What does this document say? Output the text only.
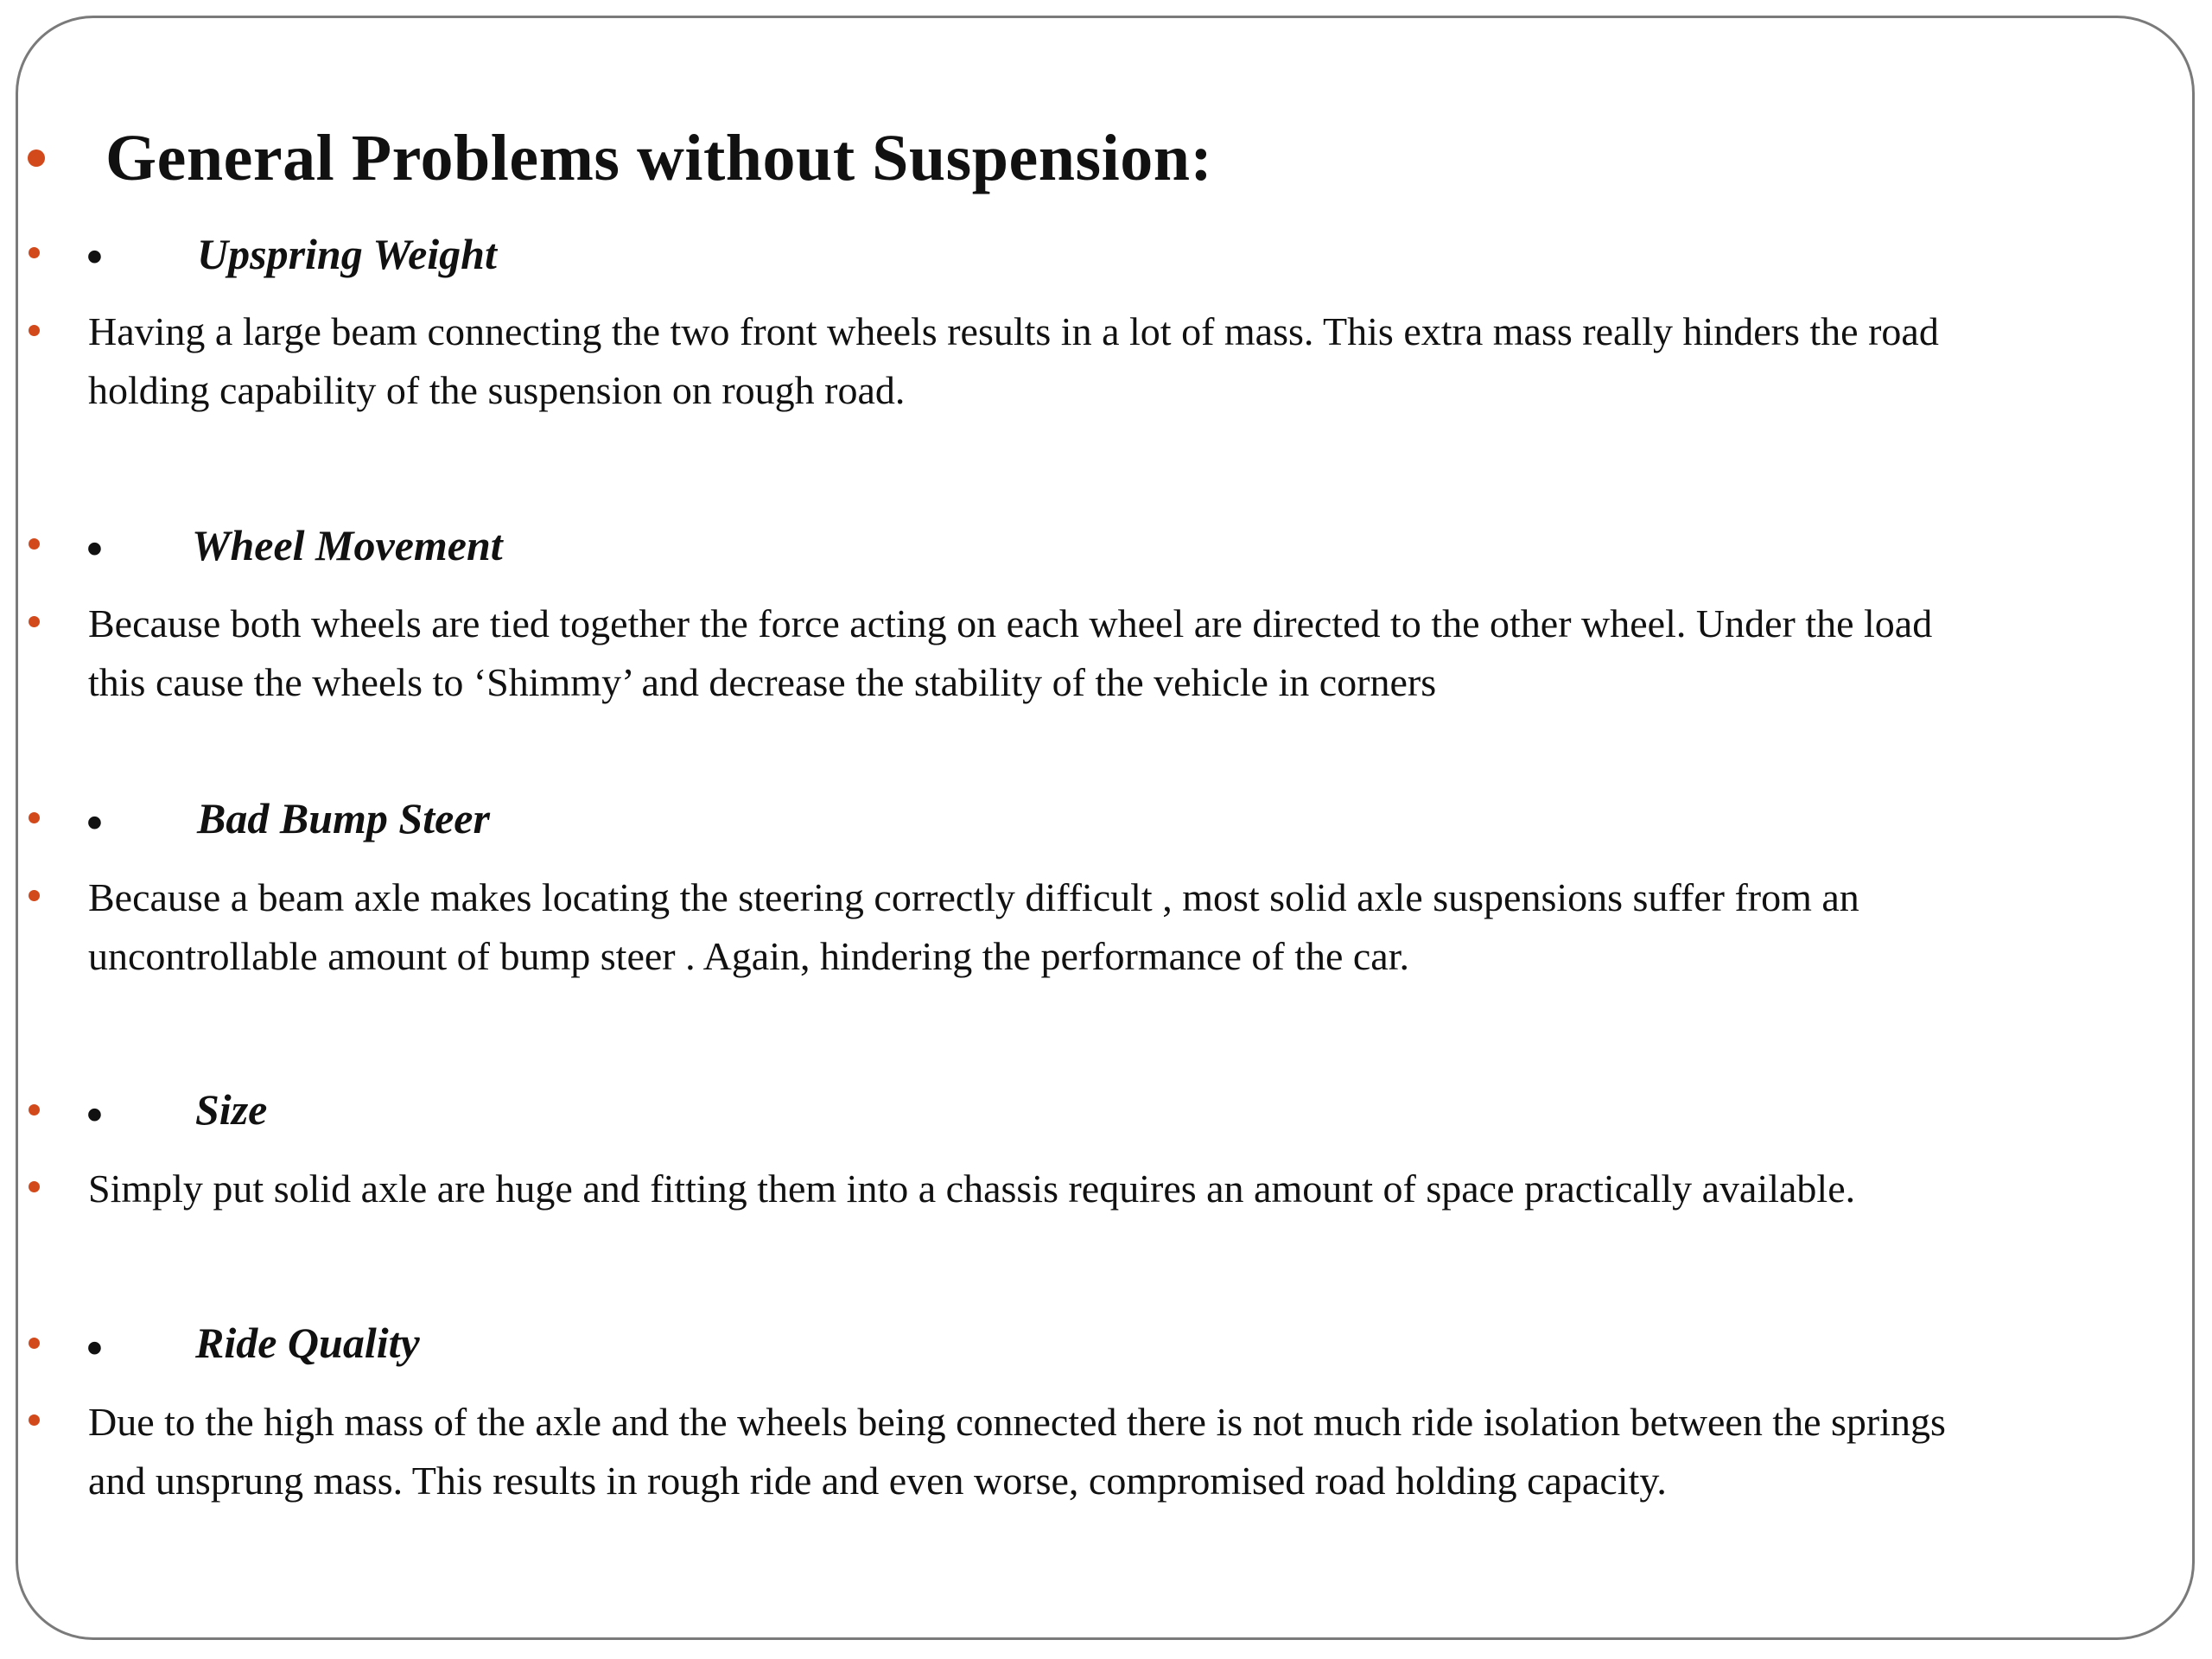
General Problems without Suspension:
• Upspring Weight
Having a large beam connecting the two front wheels results in a lot of mass. This extra mass really hinders the road
holding capability of the suspension on rough road.
• Wheel Movement
Because both wheels are tied together the force acting on each wheel are directed to the other wheel. Under the load
this cause the wheels to ‘Shimmy’ and decrease the stability of the vehicle in corners
• Bad Bump Steer
Because a beam axle makes locating the steering correctly difficult , most solid axle suspensions suffer from an
uncontrollable amount of bump steer . Again, hindering the performance of the car.
• Size
Simply put solid axle are huge and fitting them into a chassis requires an amount of space practically available.
• Ride Quality
Due to the high mass of the axle and the wheels being connected there is not much ride isolation between the springs
and unsprung mass. This results in rough ride and even worse, compromised road holding capacity.
